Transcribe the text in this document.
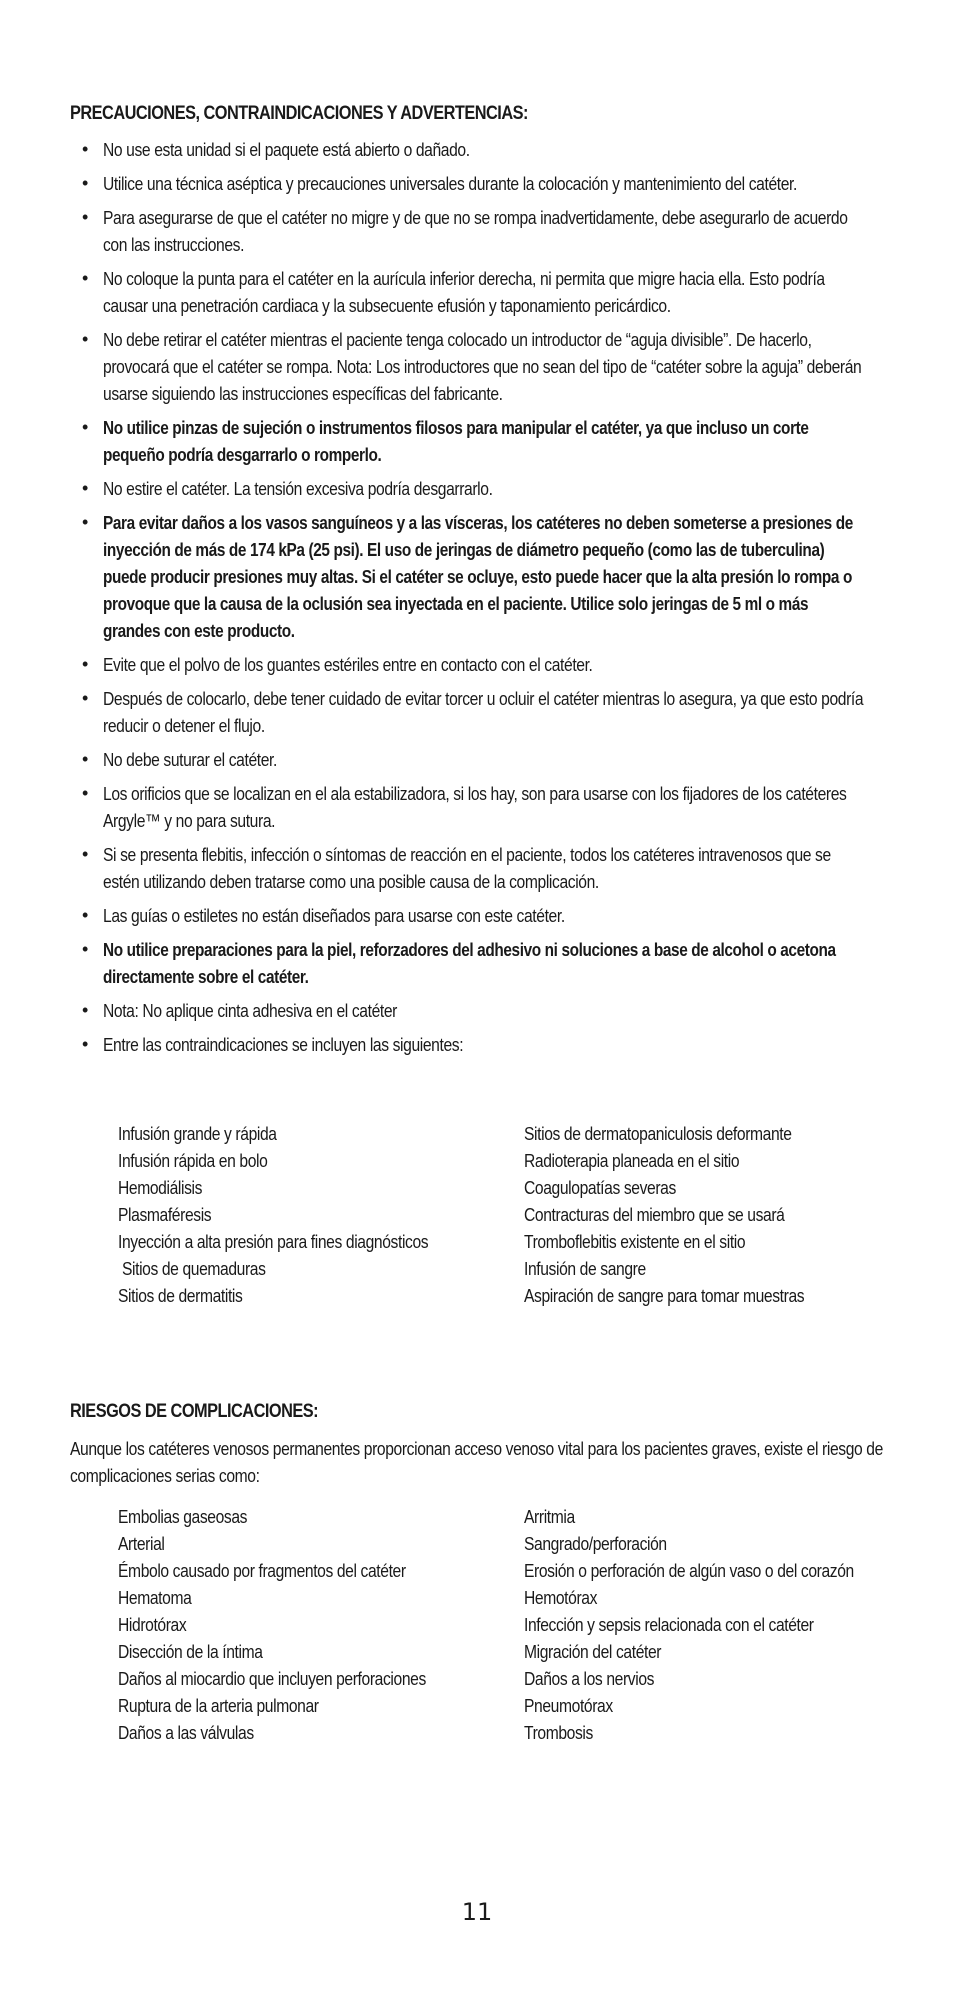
PRECAUCIONES, CONTRAINDICACIONES Y ADVERTENCIAS:
• No use esta unidad si el paquete está abierto o dañado.
• Utilice una técnica aséptica y precauciones universales durante la colocación y mantenimiento del catéter.
• Para asegurarse de que el catéter no migre y de que no se rompa inadvertidamente, debe asegurarlo de acuerdo con las instrucciones.
• No coloque la punta para el catéter en la aurícula inferior derecha, ni permita que migre hacia ella. Esto podría causar una penetración cardiaca y la subsecuente efusión y taponamiento pericárdico.
• No debe retirar el catéter mientras el paciente tenga colocado un introductor de “aguja divisible”. De hacerlo, provocará que el catéter se rompa. Nota: Los introductores que no sean del tipo de “catéter sobre la aguja” deberán usarse siguiendo las instrucciones específicas del fabricante.
• No utilice pinzas de sujeción o instrumentos filosos para manipular el catéter, ya que incluso un corte pequeño podría desgarrarlo o romperlo.
• No estire el catéter. La tensión excesiva podría desgarrarlo.
• Para evitar daños a los vasos sanguíneos y a las vísceras, los catéteres no deben someterse a presiones de inyección de más de 174 kPa (25 psi). El uso de jeringas de diámetro pequeño (como las de tuberculina) puede producir presiones muy altas. Si el catéter se ocluye, esto puede hacer que la alta presión lo rompa o provoque que la causa de la oclusión sea inyectada en el paciente. Utilice solo jeringas de 5 ml o más grandes con este producto.
• Evite que el polvo de los guantes estériles entre en contacto con el catéter.
• Después de colocarlo, debe tener cuidado de evitar torcer u ocluir el catéter mientras lo asegura, ya que esto podría reducir o detener el flujo.
• No debe suturar el catéter.
• Los orificios que se localizan en el ala estabilizadora, si los hay, son para usarse con los fijadores de los catéteres Argyle™ y no para sutura.
• Si se presenta flebitis, infección o síntomas de reacción en el paciente, todos los catéteres intravenosos que se estén utilizando deben tratarse como una posible causa de la complicación.
• Las guías o estiletes no están diseñados para usarse con este catéter.
• No utilice preparaciones para la piel, reforzadores del adhesivo ni soluciones a base de alcohol o acetona directamente sobre el catéter.
• Nota: No aplique cinta adhesiva en el catéter
• Entre las contraindicaciones se incluyen las siguientes:
Infusión grande y rápida
Infusión rápida en bolo
Hemodiálisis
Plasmaféresis
Inyección a alta presión para fines diagnósticos
Sitios de quemaduras
Sitios de dermatitis
Sitios de dermatopaniculosis deformante
Radioterapia planeada en el sitio
Coagulopatías severas
Contracturas del miembro que se usará
Tromboflebitis existente en el sitio
Infusión de sangre
Aspiración de sangre para tomar muestras
RIESGOS DE COMPLICACIONES:
Aunque los catéteres venosos permanentes proporcionan acceso venoso vital para los pacientes graves, existe el riesgo de complicaciones serias como:
Embolias gaseosas
Arterial
Émbolo causado por fragmentos del catéter
Hematoma
Hidrotórax
Disección de la íntima
Daños al miocardio que incluyen perforaciones
Ruptura de la arteria pulmonar
Daños a las válvulas
Arritmia
Sangrado/perforación
Erosión o perforación de algún vaso o del corazón
Hemotórax
Infección y sepsis relacionada con el catéter
Migración del catéter
Daños a los nervios
Pneumotórax
Trombosis
11
